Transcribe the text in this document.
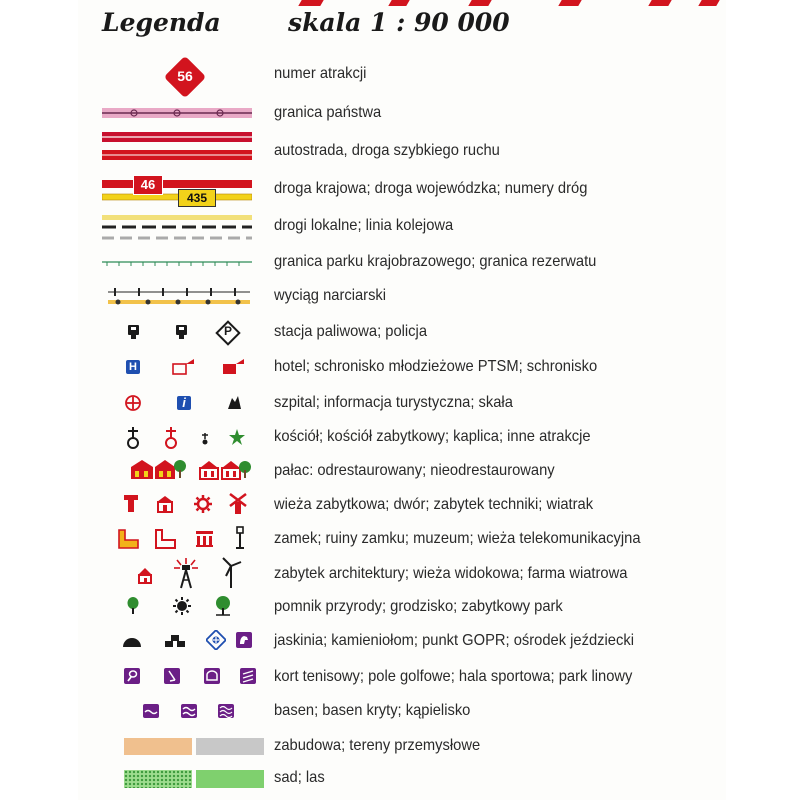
Legenda	skala 1 : 90 000
56	numer atrakcji
granica państwa
autostrada, droga szybkiego ruchu
46
435
droga krajowa; droga wojewódzka; numery dróg
drogi lokalne; linia kolejowa
granica parku krajobrazowego; granica rezerwatu
wyciąg narciarski
P	stacja paliwowa; policja
H	hotel; schronisko młodzieżowe PTSM; schronisko
i	szpital; informacja turystyczna; skała
kościół; kościół zabytkowy; kaplica; inne atrakcje
pałac: odrestaurowany; nieodrestaurowany
wieża zabytkowa; dwór; zabytek techniki; wiatrak
zamek; ruiny zamku; muzeum; wieża telekomunikacyjna
zabytek architektury; wieża widokowa; farma wiatrowa
pomnik przyrody; grodzisko; zabytkowy park
jaskinia; kamieniołom; punkt GOPR; ośrodek jeździecki
kort tenisowy; pole golfowe; hala sportowa; park linowy
basen; basen kryty; kąpielisko
zabudowa; tereny przemysłowe
sad; las
